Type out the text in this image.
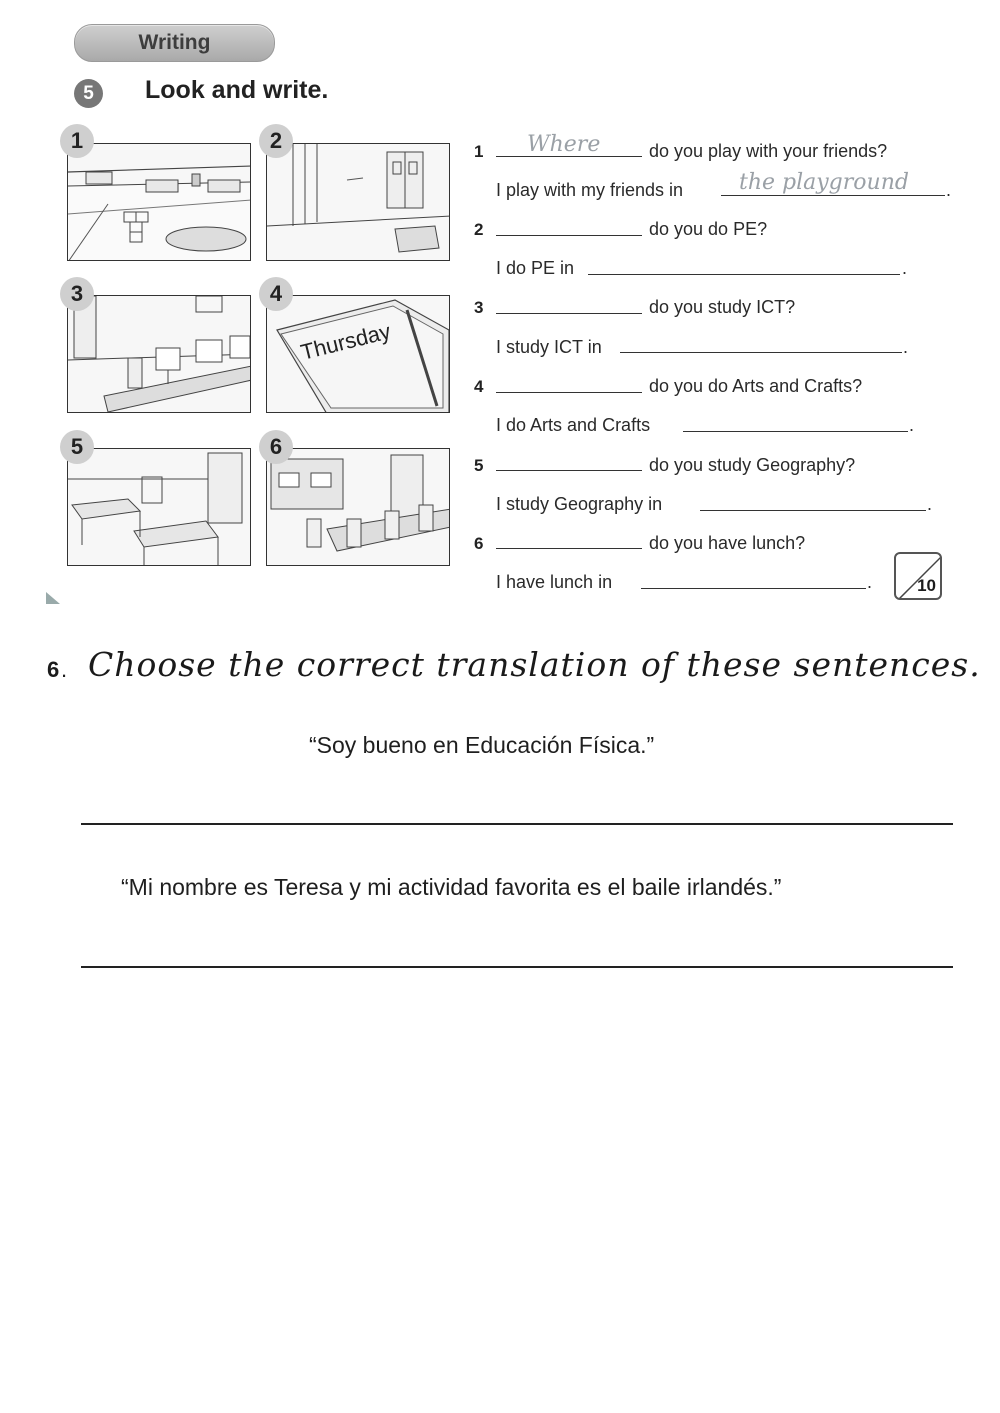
Writing
5	Look and write.
1	2
3
Thursday
4
5	6
1 Where	do you play with your friends?
I play with my friends in	the playground .
2	do you do PE?
I do PE in	.
3	do you study ICT?
I study ICT in	.
4	do you do Arts and Crafts?
I do Arts and Crafts	.
5	do you study Geography?
I study Geography in	.
6	do you have lunch?
I have lunch in	.	10
6 . Choose the correct translation of these sentences.
“Soy bueno en Educación Física.”
“Mi nombre es Teresa y mi actividad favorita es el baile irlandés.”
